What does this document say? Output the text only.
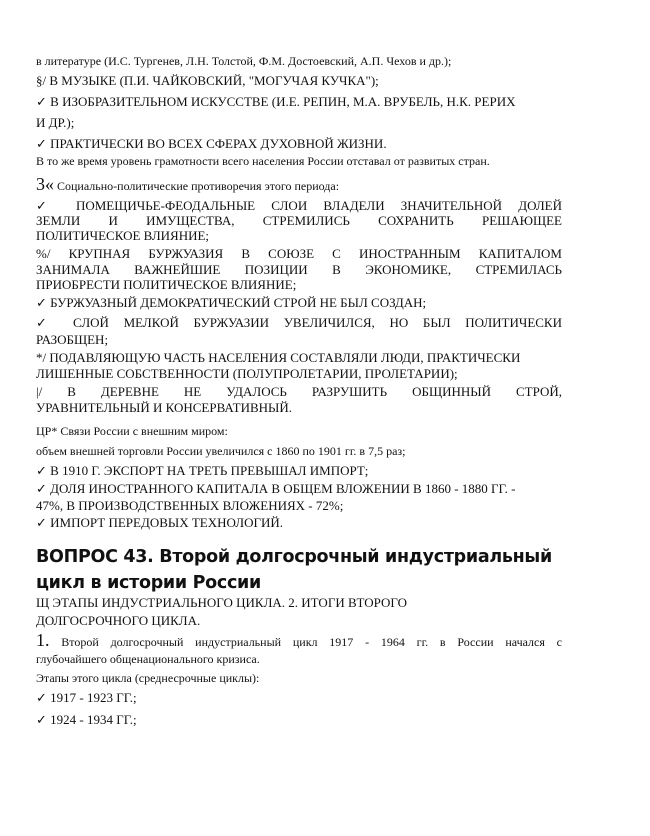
в литературе (И.С. Тургенев, Л.Н. Толстой, Ф.М. Достоевский, А.П. Чехов и др.);

§/ В МУЗЫКЕ (П.И. ЧАЙКОВСКИЙ, "МОГУЧАЯ КУЧКА");

✓ В ИЗОБРАЗИТЕЛЬНОМ ИСКУССТВЕ (И.Е. РЕПИН, М.А. ВРУБЕЛЬ, Н.К. РЕРИХ

И ДР.);

✓ ПРАКТИЧЕСКИ ВО ВСЕХ СФЕРАХ ДУХОВНОЙ ЖИЗНИ.

В то же время уровень грамотности всего населения России отставал от развитых стран.

3« Социально-политические противоречия этого периода:

✓ ПОМЕЩИЧЬЕ-ФЕОДАЛЬНЫЕ СЛОИ ВЛАДЕЛИ ЗНАЧИТЕЛЬНОЙ ДОЛЕЙ

ЗЕМЛИ И ИМУЩЕСТВА, СТРЕМИЛИСЬ СОХРАНИТЬ РЕШАЮЩЕЕ

ПОЛИТИЧЕСКОЕ ВЛИЯНИЕ;

%/ КРУПНАЯ БУРЖУАЗИЯ В СОЮЗЕ С ИНОСТРАННЫМ КАПИТАЛОМ

ЗАНИМАЛА ВАЖНЕЙШИЕ ПОЗИЦИИ В ЭКОНОМИКЕ, СТРЕМИЛАСЬ

ПРИОБРЕСТИ ПОЛИТИЧЕСКОЕ ВЛИЯНИЕ;

✓ БУРЖУАЗНЫЙ ДЕМОКРАТИЧЕСКИЙ СТРОЙ НЕ БЫЛ СОЗДАН;

✓ СЛОЙ МЕЛКОЙ БУРЖУАЗИИ УВЕЛИЧИЛСЯ, НО БЫЛ ПОЛИТИЧЕСКИ

РАЗОБЩЕН;

*/ ПОДАВЛЯЮЩУЮ ЧАСТЬ НАСЕЛЕНИЯ СОСТАВЛЯЛИ ЛЮДИ, ПРАКТИЧЕСКИ

ЛИШЕННЫЕ СОБСТВЕННОСТИ (ПОЛУПРОЛЕТАРИИ, ПРОЛЕТАРИИ);

|/ В ДЕРЕВНЕ НЕ УДАЛОСЬ РАЗРУШИТЬ ОБЩИННЫЙ СТРОЙ,

УРАВНИТЕЛЬНЫЙ И КОНСЕРВАТИВНЫЙ.

ЦР* Связи России с внешним миром:

объем внешней торговли России увеличился с 1860 по 1901 гг. в 7,5 раз;

✓ В 1910 Г. ЭКСПОРТ НА ТРЕТЬ ПРЕВЫШАЛ ИМПОРТ;

✓ ДОЛЯ ИНОСТРАННОГО КАПИТАЛА В ОБЩЕМ ВЛОЖЕНИИ В 1860 - 1880 ГГ. -

47%, В ПРОИЗВОДСТВЕННЫХ ВЛОЖЕНИЯХ - 72%;

✓ ИМПОРТ ПЕРЕДОВЫХ ТЕХНОЛОГИЙ.

ВОПРОС 43. Второй долгосрочный индустриальный

цикл в истории России

Щ ЭТАПЫ ИНДУСТРИАЛЬНОГО ЦИКЛА. 2. ИТОГИ ВТОРОГО

ДОЛГОСРОЧНОГО ЦИКЛА.

1. Второй долгосрочный индустриальный цикл 1917 - 1964 гг. в России начался с

глубочайшего общенационального кризиса.

Этапы этого цикла (среднесрочные циклы):

✓ 1917 - 1923 ГГ.;

✓ 1924 - 1934 ГГ.;
